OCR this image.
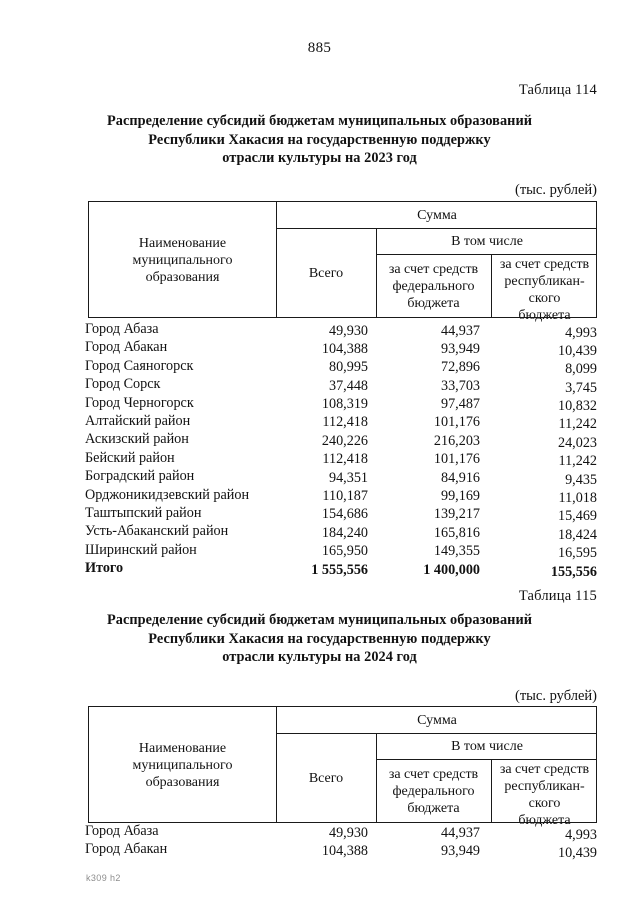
885
Таблица 114
Распределение субсидий бюджетам муниципальных образований
Республики Хакасия на государственную поддержку
отрасли культуры на 2023 год
(тыс. рублей)
Наименование
муниципального
образования
Сумма
Всего
В том числе
за счет средств
федерального
бюджета
за счет средств
республикан-
ского
бюджета
Город Абаза	49,930	44,937	4,993
Город Абакан	104,388	93,949	10,439
Город Саяногорск	80,995	72,896	8,099
Город Сорск	37,448	33,703	3,745
Город Черногорск	108,319	97,487	10,832
Алтайский район	112,418	101,176	11,242
Аскизский район	240,226	216,203	24,023
Бейский район	112,418	101,176	11,242
Боградский район	94,351	84,916	9,435
Орджоникидзевский район	110,187	99,169	11,018
Таштыпский район	154,686	139,217	15,469
Усть-Абаканский район	184,240	165,816	18,424
Ширинский район	165,950	149,355	16,595
Итого	1 555,556	1 400,000	155,556
Таблица 115
Распределение субсидий бюджетам муниципальных образований
Республики Хакасия на государственную поддержку
отрасли культуры на 2024 год
(тыс. рублей)
Наименование
муниципального
образования
Сумма
Всего
В том числе
за счет средств
федерального
бюджета
за счет средств
республикан-
ского
бюджета
Город Абаза	49,930	44,937	4,993
Город Абакан	104,388	93,949	10,439
k309 h2
